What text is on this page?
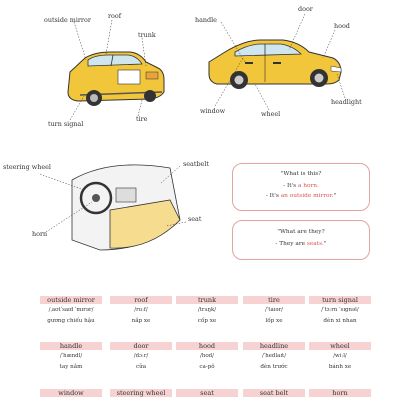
outside mirror	roof
trunk
turn signal
tire
handle
door
hood
window	wheel
headlight
steering wheel	seatbelt
horn
seat
"What is this?
- It's a horn.
- It's an outside mirror."
"What are they?
- They are seats."
outside mirror
/ˌaʊtˈsaɪd ˈmɪrər/
gương chiếu hậu
roof
/ruːf/
nắp xe
trunk
/trʌŋk/
cốp xe
tire
/ˈtaɪər/
lốp xe
turn signal
/ˈtɜːrn ˈsɪgnəl/
đèn xi nhan
handle
/ˈhændl/
tay nắm
door
/dɔːr/
cửa
hood
/hʊd/
ca-pô
headline
/ˈhedlaɪt/
đèn trước
wheel
/wiːl/
bánh xe
window	steering wheel	seat	seat belt	horn
